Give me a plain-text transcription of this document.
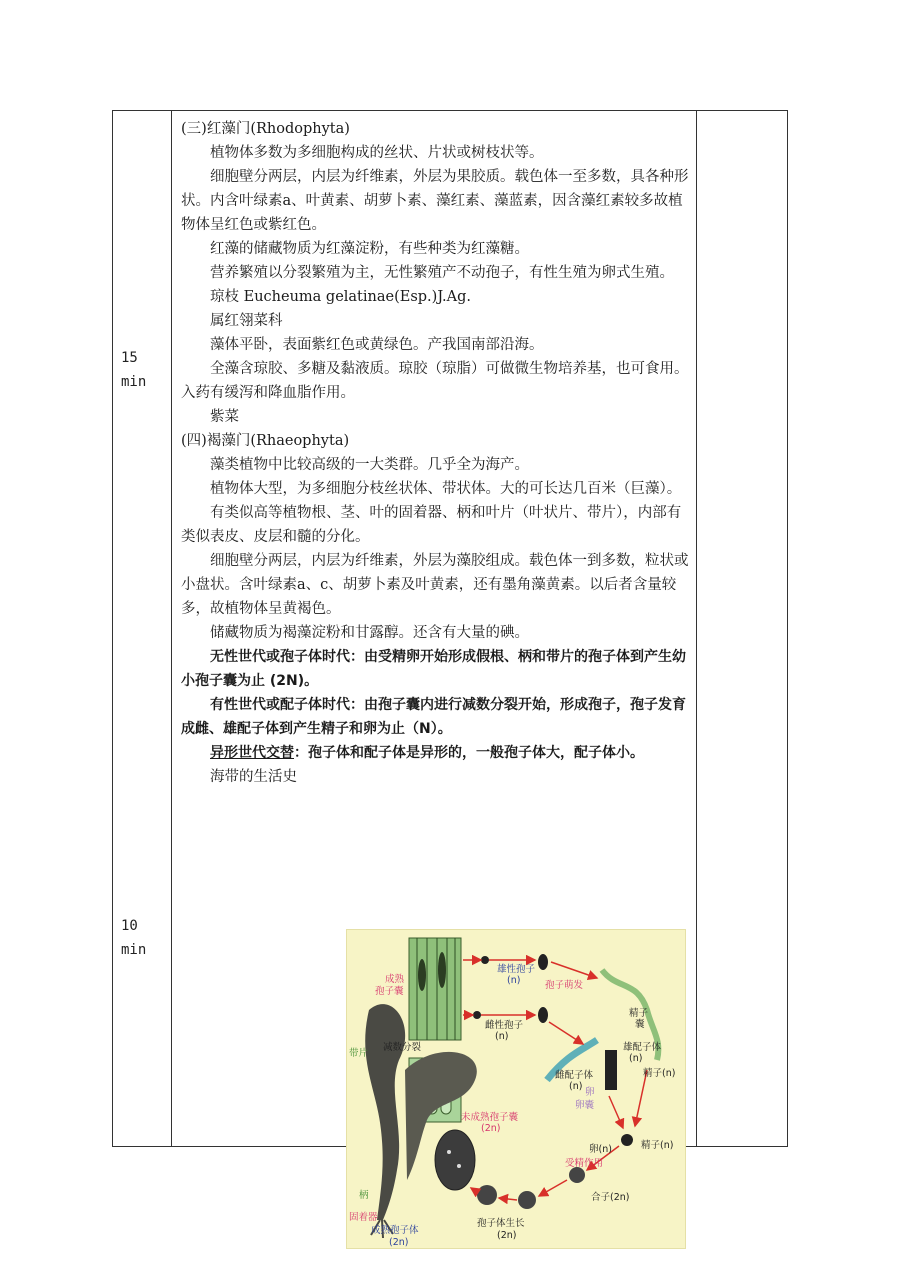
15
min
10
min

(三)红藻门(Rhodophyta)

植物体多数为多细胞构成的丝状、片状或树枝状等。

细胞壁分两层，内层为纤维素，外层为果胶质。载色体一至多数，具各种形状。内含叶绿素a、叶黄素、胡萝卜素、藻红素、藻蓝素，因含藻红素较多故植物体呈红色或紫红色。

红藻的储藏物质为红藻淀粉，有些种类为红藻糖。

营养繁殖以分裂繁殖为主，无性繁殖产不动孢子，有性生殖为卵式生殖。

琼枝 Eucheuma gelatinae(Esp.)J.Ag.

属红翎菜科

藻体平卧，表面紫红色或黄绿色。产我国南部沿海。

全藻含琼胶、多糖及黏液质。琼胶（琼脂）可做微生物培养基，也可食用。入药有缓泻和降血脂作用。

紫菜

(四)褐藻门(Rhaeophyta)

藻类植物中比较高级的一大类群。几乎全为海产。

植物体大型，为多细胞分枝丝状体、带状体。大的可长达几百米（巨藻）。

有类似高等植物根、茎、叶的固着器、柄和叶片（叶状片、带片），内部有类似表皮、皮层和髓的分化。

细胞壁分两层，内层为纤维素，外层为藻胶组成。载色体一到多数，粒状或小盘状。含叶绿素a、c、胡萝卜素及叶黄素，还有墨角藻黄素。以后者含量较多，故植物体呈黄褐色。

储藏物质为褐藻淀粉和甘露醇。还含有大量的碘。

无性世代或孢子体时代：由受精卵开始形成假根、柄和带片的孢子体到产生幼小孢子囊为止 (2N)。

有性世代或配子体时代：由孢子囊内进行减数分裂开始，形成孢子，孢子发育成雌、雄配子体到产生精子和卵为止（N）。

异形世代交替：孢子体和配子体是异形的，一般孢子体大，配子体小。

海带的生活史

成熟
孢子囊
雄性孢子
(n)	孢子萌发
雌性孢子
(n)
减数分裂
带片
精子
囊
雄配子体
(n)
精子(n)
雌配子体
(n)
卵
卵囊
未成熟孢子囊
(2n)
卵(n)	精子(n)
受精作用
合子(2n)
柄
固着器
成熟孢子体
(2n)
孢子体生长
(2n)
